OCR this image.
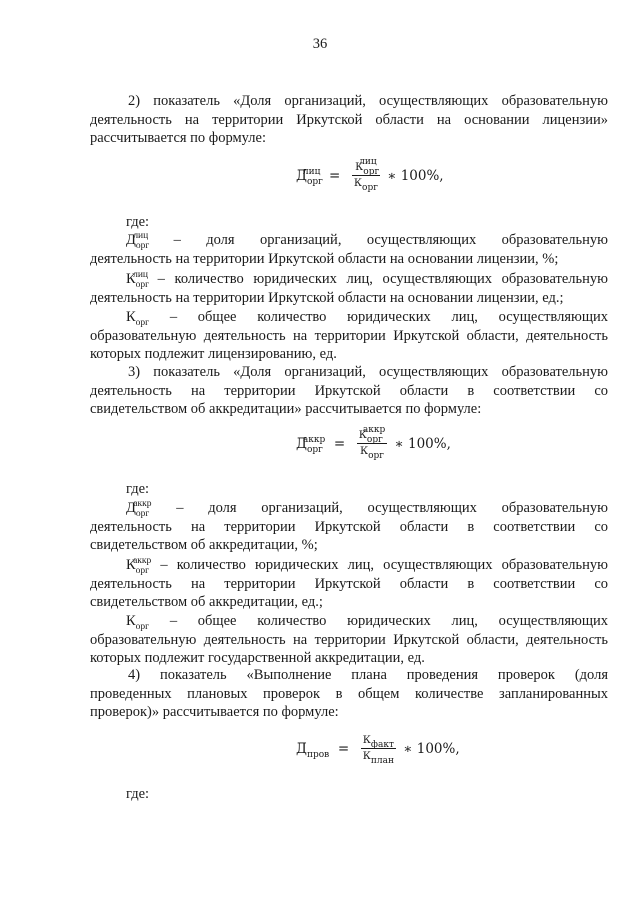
36
2) показатель «Доля организаций, осуществляющих образовательную
деятельность на территории Иркутской области на основании лицензии»
рассчитывается по формуле:
$Д_{орг}^{лиц} = \frac{\text{Корглиц}}{\text{Корг}}$ ∗ 100%,
где:
$Д_{орг}^{лиц}$ – доля организаций, осуществляющих образовательную
деятельность на территории Иркутской области на основании лицензии, %;
$К_{орг}^{лиц}$ – количество юридических лиц, осуществляющих образовательную
деятельность на территории Иркутской области на основании лицензии, ед.;
$К_{орг}$ – общее количество юридических лиц, осуществляющих
образовательную деятельность на территории Иркутской области, деятельность
которых подлежит лицензированию, ед.
3) показатель «Доля организаций, осуществляющих образовательную
деятельность на территории Иркутской области в соответствии со
свидетельством об аккредитации» рассчитывается по формуле:
$Д_{орг}^{аккр} = \frac{\text{Коргаккр}}{\text{Корг}}$ ∗ 100%,
где:
$Д_{орг}^{аккр}$ – доля организаций, осуществляющих образовательную
деятельность на территории Иркутской области в соответствии со
свидетельством об аккредитации, %;
$К_{орг}^{аккр}$ – количество юридических лиц, осуществляющих образовательную
деятельность на территории Иркутской области в соответствии со
свидетельством об аккредитации, ед.;
$К_{орг}$ – общее количество юридических лиц, осуществляющих
образовательную деятельность на территории Иркутской области, деятельность
которых подлежит государственной аккредитации, ед.
4) показатель «Выполнение плана проведения проверок (доля
проведенных плановых проверок в общем количестве запланированных
проверок)» рассчитывается по формуле:
$Д_{пров} = \frac{\text{Кфакт}}{\text{Кплан}}$ ∗ 100%,
где:
